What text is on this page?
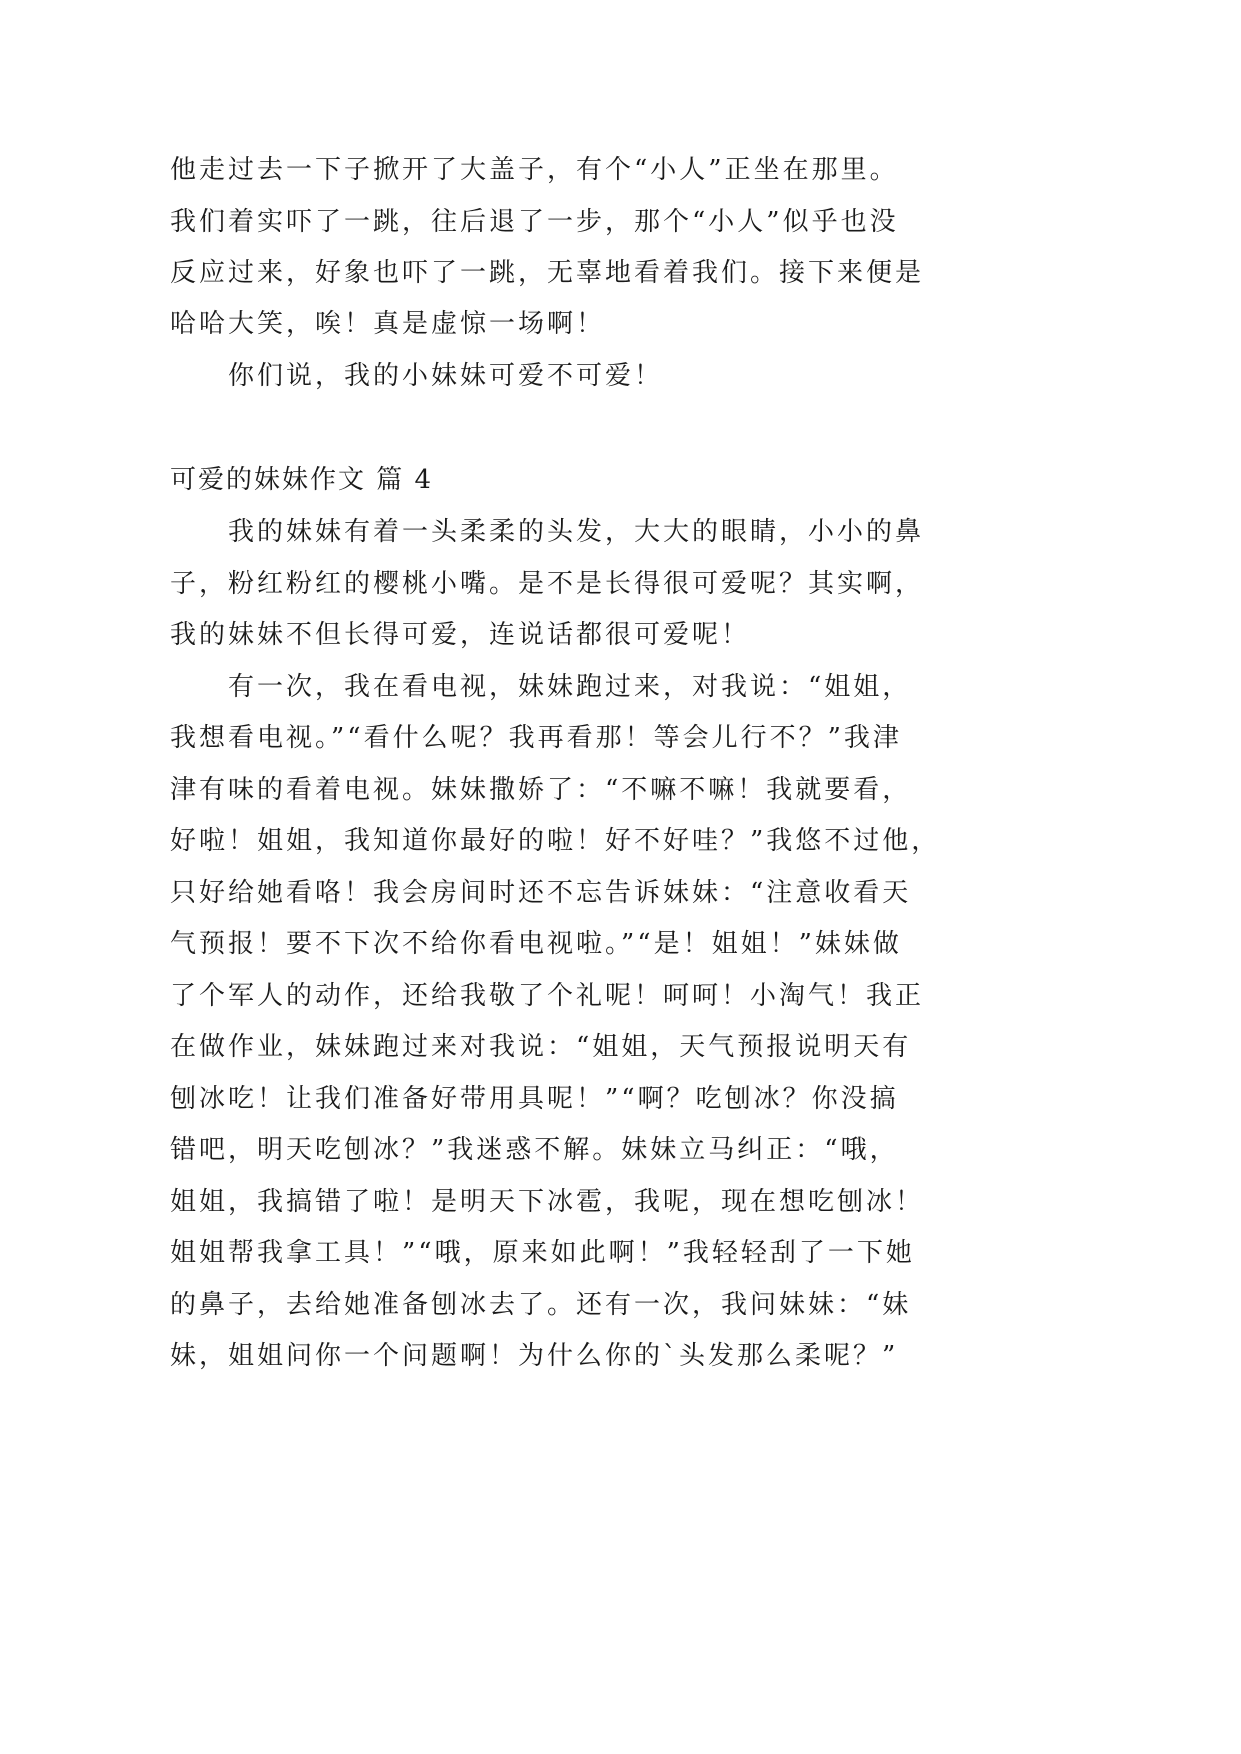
他走过去一下子掀开了大盖子，有个“小人”正坐在那里。

我们着实吓了一跳，往后退了一步，那个“小人”似乎也没

反应过来，好象也吓了一跳，无辜地看着我们。接下来便是

哈哈大笑，唉！真是虚惊一场啊！

你们说，我的小妹妹可爱不可爱！

可爱的妹妹作文 篇 4

我的妹妹有着一头柔柔的头发，大大的眼睛，小小的鼻

子，粉红粉红的樱桃小嘴。是不是长得很可爱呢？其实啊，

我的妹妹不但长得可爱，连说话都很可爱呢！

有一次，我在看电视，妹妹跑过来，对我说：“姐姐，

我想看电视。”“看什么呢？我再看那！等会儿行不？”我津

津有味的看着电视。妹妹撒娇了：“不嘛不嘛！我就要看，

好啦！姐姐，我知道你最好的啦！好不好哇？”我悠不过他，

只好给她看咯！我会房间时还不忘告诉妹妹：“注意收看天

气预报！要不下次不给你看电视啦。”“是！姐姐！”妹妹做

了个军人的动作，还给我敬了个礼呢！呵呵！小淘气！我正

在做作业，妹妹跑过来对我说：“姐姐，天气预报说明天有

刨冰吃！让我们准备好带用具呢！”“啊？吃刨冰？你没搞

错吧，明天吃刨冰？”我迷惑不解。妹妹立马纠正：“哦，

姐姐，我搞错了啦！是明天下冰雹，我呢，现在想吃刨冰！

姐姐帮我拿工具！”“哦，原来如此啊！”我轻轻刮了一下她

的鼻子，去给她准备刨冰去了。还有一次，我问妹妹：“妹

妹，姐姐问你一个问题啊！为什么你的`头发那么柔呢？”
